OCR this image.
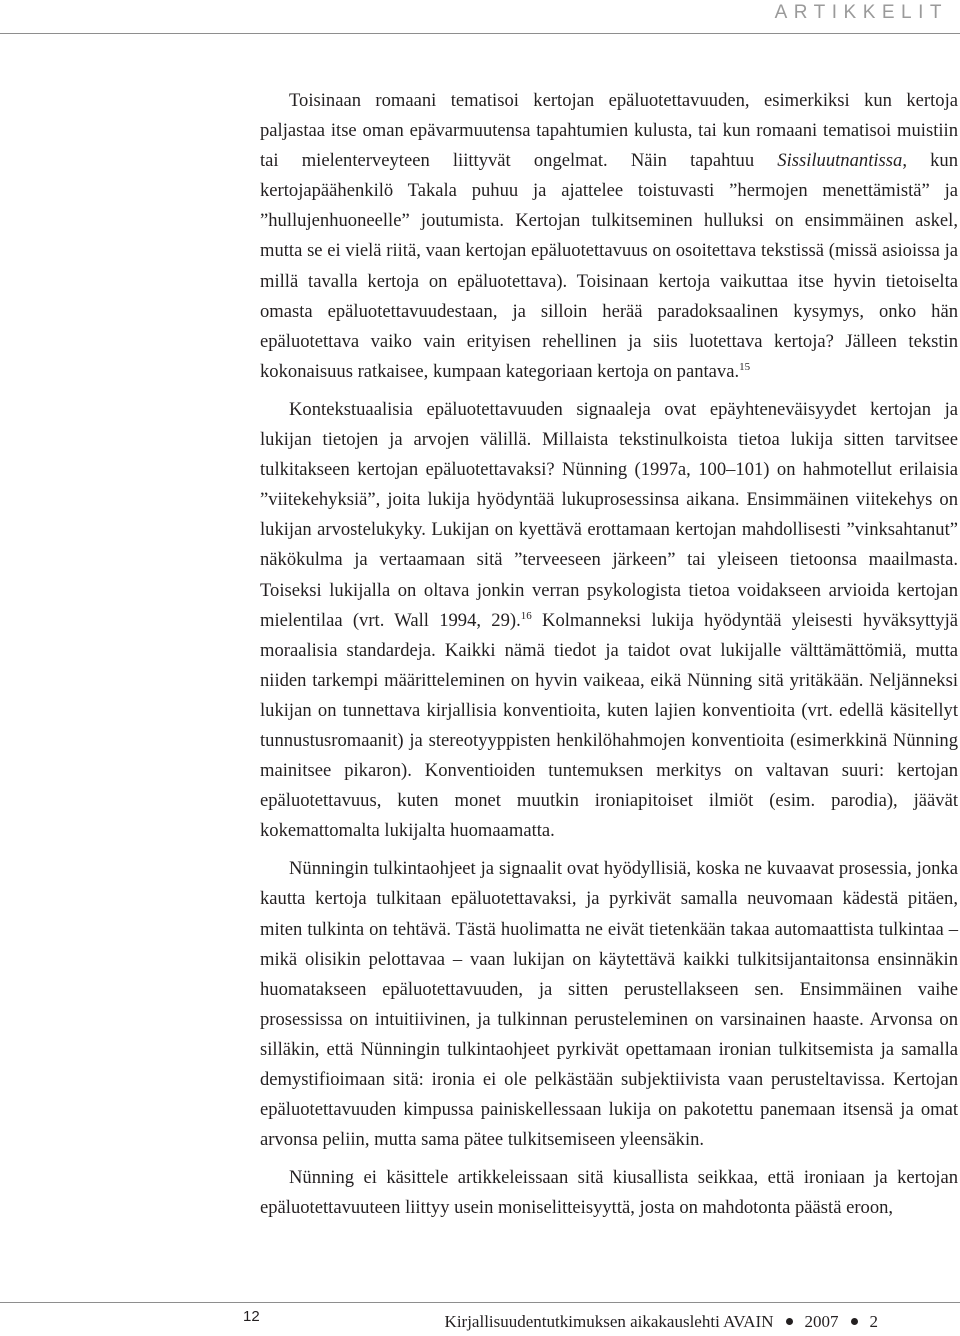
ARTIKKELIT

Toisinaan romaani tematisoi kertojan epäluotettavuuden, esimerkiksi kun kertoja paljastaa itse oman epävarmuutensa tapahtumien kulusta, tai kun romaani tematisoi muistiin tai mielenterveyteen liittyvät ongelmat. Näin tapahtuu Sissiluutnantissa, kun kertojapäähenkilö Takala puhuu ja ajattelee toistuvasti ”hermojen menettämistä” ja ”hullujenhuoneelle” joutumista. Kertojan tulkitseminen hulluksi on ensimmäinen askel, mutta se ei vielä riitä, vaan kertojan epäluotettavuus on osoitettava tekstissä (missä asioissa ja millä tavalla kertoja on epäluotettava). Toisinaan kertoja vaikuttaa itse hyvin tietoiselta omasta epäluotettavuudestaan, ja silloin herää paradoksaalinen kysymys, onko hän epäluotettava vaiko vain erityisen rehellinen ja siis luotettava kertoja? Jälleen tekstin kokonaisuus ratkaisee, kumpaan kategoriaan kertoja on pantava.$^{15}$

Kontekstuaalisia epäluotettavuuden signaaleja ovat epäyhteneväisyydet kertojan ja lukijan tietojen ja arvojen välillä. Millaista tekstinulkoista tietoa lukija sitten tarvitsee tulkitakseen kertojan epäluotettavaksi? Nünning (1997a, 100–101) on hahmotellut erilaisia ”viitekehyksiä”, joita lukija hyödyntää lukuprosessinsa aikana. Ensimmäinen viitekehys on lukijan arvostelukyky. Lukijan on kyettävä erottamaan kertojan mahdollisesti ”vinksahtanut” näkökulma ja vertaamaan sitä ”terveeseen järkeen” tai yleiseen tietoonsa maailmasta. Toiseksi lukijalla on oltava jonkin verran psykologista tietoa voidakseen arvioida kertojan mielentilaa (vrt. Wall 1994, 29).$^{16}$ Kolmanneksi lukija hyödyntää yleisesti hyväksyttyjä moraalisia standardeja. Kaikki nämä tiedot ja taidot ovat lukijalle välttämättömiä, mutta niiden tarkempi määritteleminen on hyvin vaikeaa, eikä Nünning sitä yritäkään. Neljänneksi lukijan on tunnettava kirjallisia konventioita, kuten lajien konventioita (vrt. edellä käsitellyt tunnustusromaanit) ja stereotyyppisten henkilöhahmojen konventioita (esimerkkinä Nünning mainitsee pikaron). Konventioiden tuntemuksen merkitys on valtavan suuri: kertojan epäluotettavuus, kuten monet muutkin ironiapitoiset ilmiöt (esim. parodia), jäävät kokemattomalta lukijalta huomaamatta.

Nünningin tulkintaohjeet ja signaalit ovat hyödyllisiä, koska ne kuvaavat prosessia, jonka kautta kertoja tulkitaan epäluotettavaksi, ja pyrkivät samalla neuvomaan kädestä pitäen, miten tulkinta on tehtävä. Tästä huolimatta ne eivät tietenkään takaa automaattista tulkintaa – mikä olisikin pelottavaa – vaan lukijan on käytettävä kaikki tulkitsijantaitonsa ensinnäkin huomatakseen epäluotettavuuden, ja sitten perustellakseen sen. Ensimmäinen vaihe prosessissa on intuitiivinen, ja tulkinnan perusteleminen on varsinainen haaste. Arvonsa on silläkin, että Nünningin tulkintaohjeet pyrkivät opettamaan ironian tulkitsemista ja samalla demystifioimaan sitä: ironia ei ole pelkästään subjektiivista vaan perusteltavissa. Kertojan epäluotettavuuden kimpussa painiskellessaan lukija on pakotettu panemaan itsensä ja omat arvonsa peliin, mutta sama pätee tulkitsemiseen yleensäkin.

Nünning ei käsittele artikkeleissaan sitä kiusallista seikkaa, että ironiaan ja kertojan epäluotettavuuteen liittyy usein moniselitteisyyttä, josta on mahdotonta päästä eroon,

12	Kirjallisuudentutkimuksen aikakauslehti AVAIN 2007 2
